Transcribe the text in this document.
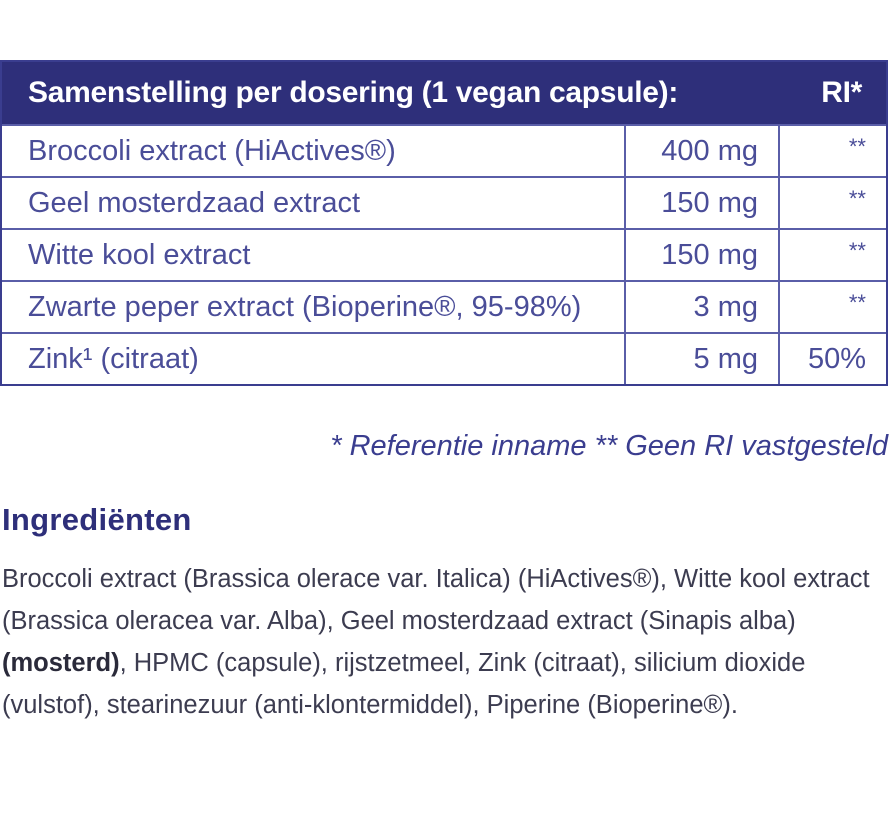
Samenstelling per dosering (1 vegan capsule):	RI*
Broccoli extract (HiActives®)	400 mg	**
Geel mosterdzaad extract	150 mg	**
Witte kool extract	150 mg	**
Zwarte peper extract (Bioperine®, 95-98%)	3 mg	**
Zink¹ (citraat)	5 mg	50%
* Referentie inname ** Geen RI vastgesteld
Ingrediënten
Broccoli extract (Brassica olerace var. Italica) (HiActives®), Witte kool extract (Brassica oleracea var. Alba), Geel mosterdzaad extract (Sinapis alba) (mosterd), HPMC (capsule), rijstzetmeel, Zink (citraat), silicium dioxide (vulstof), stearinezuur (anti-klontermiddel), Piperine (Bioperine®).
